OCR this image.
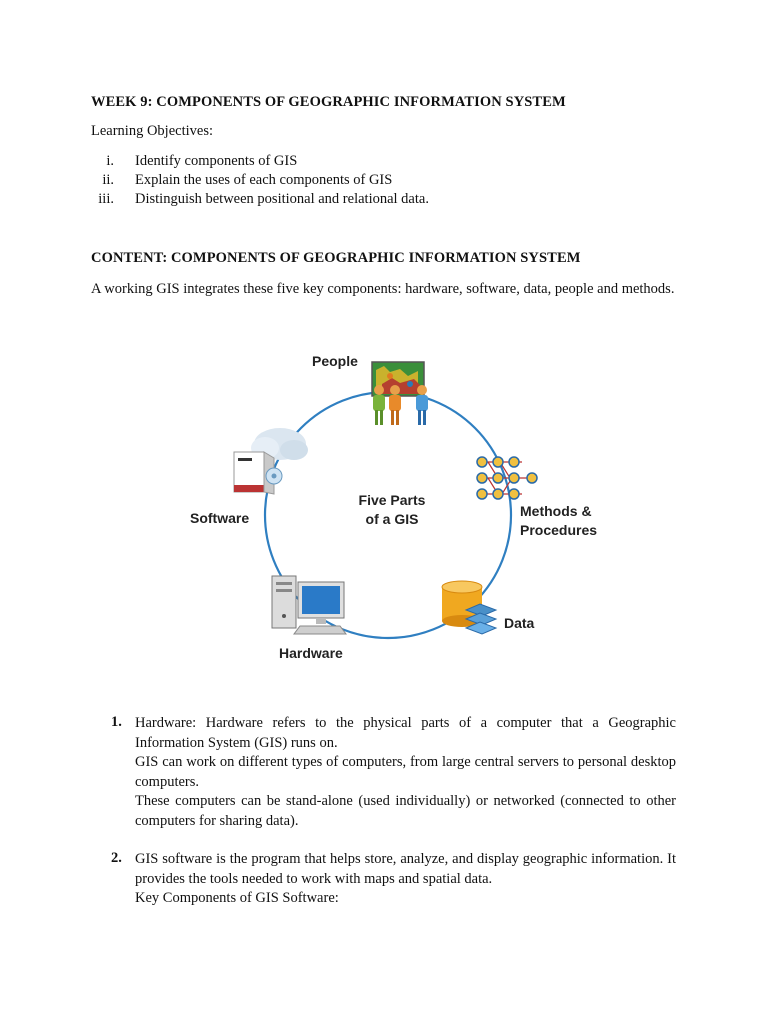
WEEK 9: COMPONENTS OF GEOGRAPHIC INFORMATION SYSTEM
Learning Objectives:
i. Identify components of GIS
ii. Explain the uses of each components of GIS
iii. Distinguish between positional and relational data.
CONTENT: COMPONENTS OF GEOGRAPHIC INFORMATION SYSTEM
A working GIS integrates these five key components: hardware, software, data, people and methods.
Five Parts
of a GIS
People
Software	Methods &
Procedures
Data
Hardware
1. Hardware: Hardware refers to the physical parts of a computer that a Geographic Information System (GIS) runs on.

GIS can work on different types of computers, from large central servers to personal desktop computers.

These computers can be stand-alone (used individually) or networked (connected to other computers for sharing data).

2. GIS software is the program that helps store, analyze, and display geographic information. It provides the tools needed to work with maps and spatial data.

Key Components of GIS Software:
